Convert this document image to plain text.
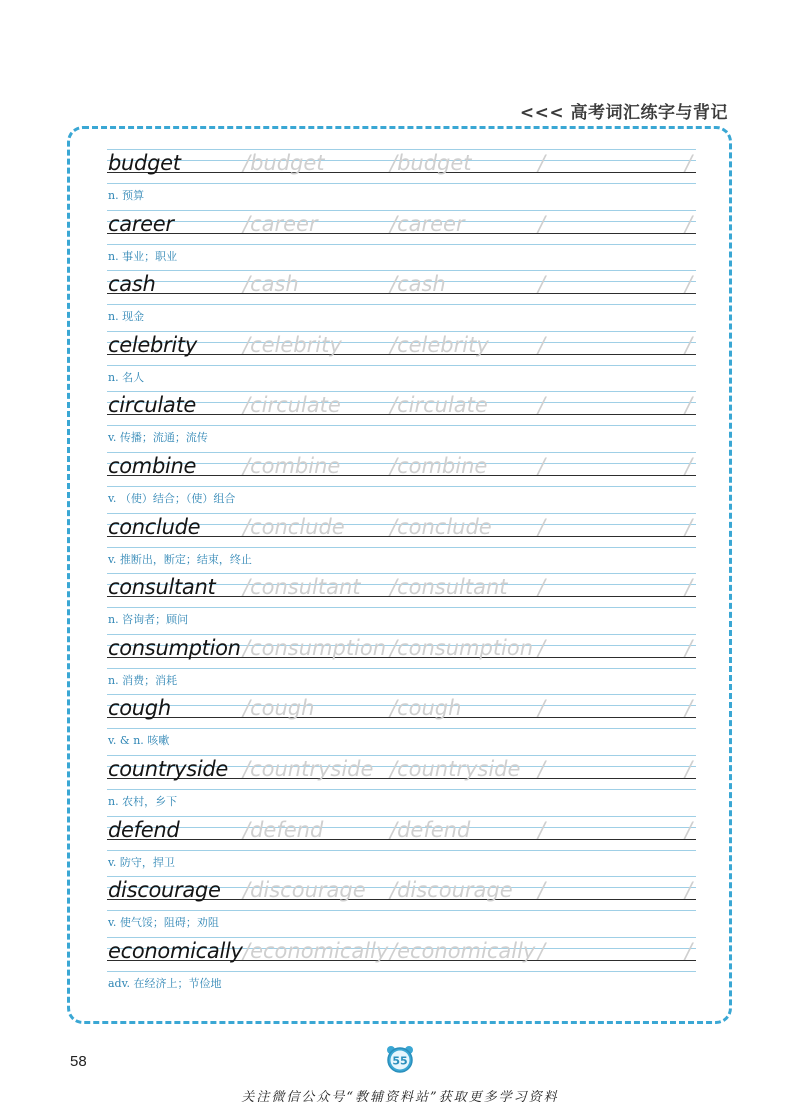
<<< 高考词汇练字与背记
budget	/budget	/budget	/	/
n. 预算
career	/career	/career	/	/
n. 事业；职业
cash	/cash	/cash	/	/
n. 现金
celebrity /celebrity /celebrity /	/
n. 名人
circulate /circulate /circulate /	/
v. 传播；流通；流传
combine /combine /combine /	/
v. （使）结合；（使）组合
conclude /conclude /conclude /	/
v. 推断出，断定；结束，终止
consultant /consultant /consultant /	/
n. 咨询者；顾问
consumption /consumption /consumption /	/
n. 消费；消耗
cough	/cough	/cough	/	/
v. & n. 咳嗽
countryside /countryside /countryside /	/
n. 农村，乡下
defend	/defend	/defend	/	/
v. 防守，捍卫
discourage /discourage /discourage /	/
v. 使气馁；阻碍；劝阻
economically /economically /economically /	/
adv. 在经济上；节俭地
58	55
关注微信公众号“教辅资料站”获取更多学习资料
